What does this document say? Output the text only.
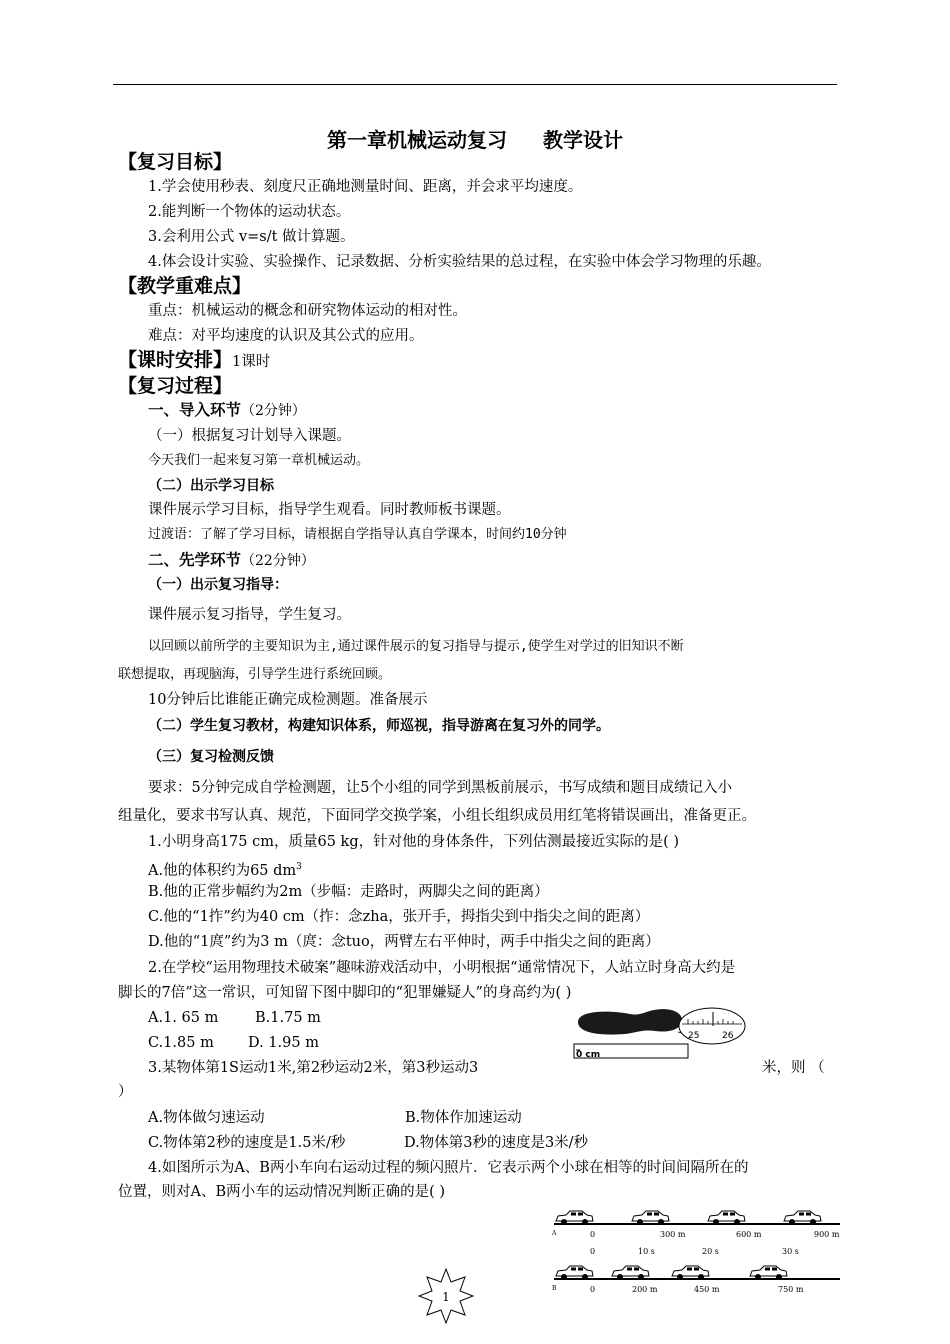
第一章机械运动复习 教学设计
【复习目标】
1.学会使用秒表、刻度尺正确地测量时间、距离，并会求平均速度。
2.能判断一个物体的运动状态。
3.会利用公式 v=s/t 做计算题。
4.体会设计实验、实验操作、记录数据、分析实验结果的总过程，在实验中体会学习物理的乐趣。
【教学重难点】
重点：机械运动的概念和研究物体运动的相对性。
难点：对平均速度的认识及其公式的应用。
【课时安排】1课时
【复习过程】
一、导入环节（2分钟）
（一）根据复习计划导入课题。
今天我们一起来复习第一章机械运动。
（二）出示学习目标
课件展示学习目标，指导学生观看。同时教师板书课题。
过渡语：了解了学习目标，请根据自学指导认真自学课本，时间约10分钟
二、先学环节（22分钟）
（一）出示复习指导：
课件展示复习指导，学生复习。
以回顾以前所学的主要知识为主,通过课件展示的复习指导与提示,使学生对学过的旧知识不断
联想提取，再现脑海，引导学生进行系统回顾。
10分钟后比谁能正确完成检测题。准备展示
（二）学生复习教材，构建知识体系，师巡视，指导游离在复习外的同学。
（三）复习检测反馈
要求：5分钟完成自学检测题，让5个小组的同学到黑板前展示，书写成绩和题目成绩记入小
组量化，要求书写认真、规范，下面同学交换学案，小组长组织成员用红笔将错误画出，准备更正。
1.小明身高175 cm，质量65 kg，针对他的身体条件，下列估测最接近实际的是( )
A.他的体积约为65 $dm^3$
B.他的正常步幅约为2m（步幅：走路时，两脚尖之间的距离）
C.他的“1拃”约为40 cm（拃：念zha，张开手，拇指尖到中指尖之间的距离）
D.他的“1庹”约为3 m（庹：念tuo，两臂左右平伸时，两手中指尖之间的距离）
2.在学校“运用物理技术破案”趣味游戏活动中，小明根据“通常情况下，人站立时身高大约是
脚长的7倍”这一常识，可知留下图中脚印的“犯罪嫌疑人”的身高约为( )
A.1. 65 m	B.1.75 m
C.1.85 m D. 1.95 m
0 cm
25	26
3.某物体第1S运动1米,第2秒运动2米，第3秒运动3	米，则 （
）
A.物体做匀速运动	B.物体作加速运动
C.物体第2秒的速度是1.5米/秒	D.物体第3秒的速度是3米/秒
4.如图所示为A、B两小车向右运动过程的频闪照片．它表示两个小球在相等的时间间隔所在的
位置，则对A、B两小车的运动情况判断正确的是( )
A
B
0	300 m	600 m	900 m
0	10 s	20 s	30 s
0	200 m	450 m	750 m
1
